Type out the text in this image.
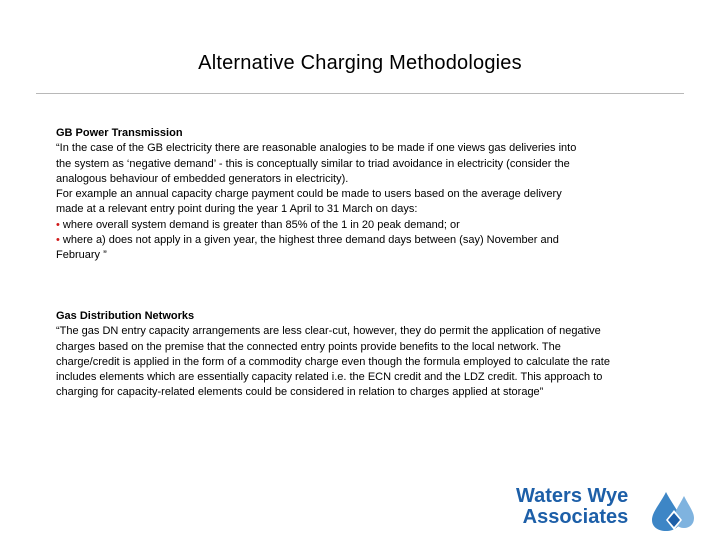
Alternative Charging Methodologies

GB Power Transmission

“In the case of the GB electricity there are reasonable analogies to be made if one views gas deliveries into

the system as ‘negative demand’ - this is conceptually similar to triad avoidance in electricity (consider the

analogous behaviour of embedded generators in electricity).

For example an annual capacity charge payment could be made to users based on the average delivery

made at a relevant entry point during the year 1 April to 31 March on days:

• where overall system demand is greater than 85% of the 1 in 20 peak demand; or

• where a) does not apply in a given year, the highest three demand days between (say) November and

February ”

Gas Distribution Networks

“The gas DN entry capacity arrangements are less clear-cut, however, they do permit the application of negative

charges based on the premise that the connected entry points provide benefits to the local network. The

charge/credit is applied in the form of a commodity charge even though the formula employed to calculate the rate

includes elements which are essentially capacity related i.e. the ECN credit and the LDZ credit. This approach to

charging for capacity-related elements could be considered in relation to charges applied at storage”

Waters Wye
Associates
